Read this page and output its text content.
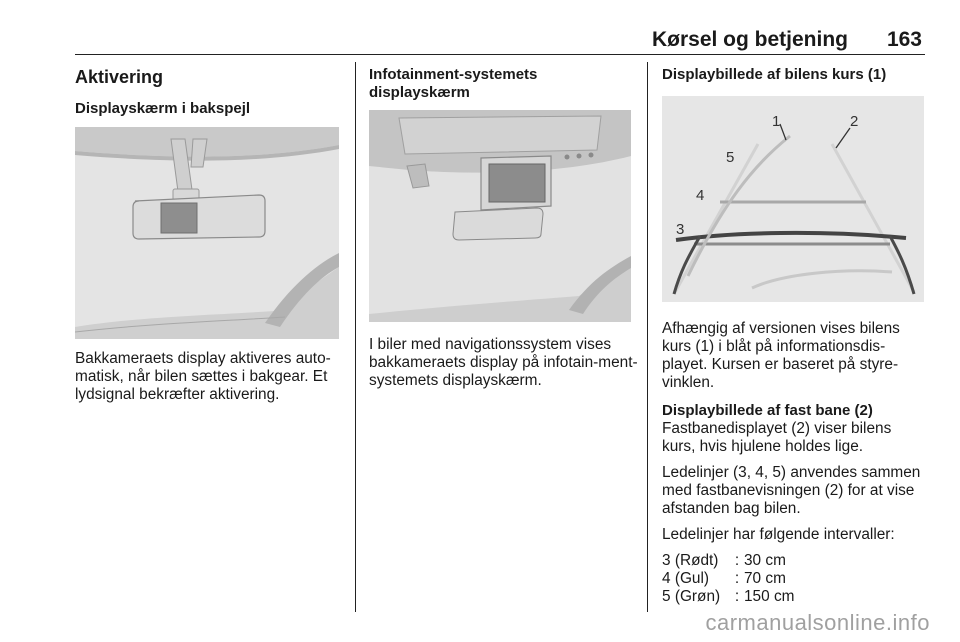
Kørsel og betjening 163
Aktivering

Displayskærm i bakspejl

Bakkameraets display aktiveres auto-matisk, når bilen sættes i bakgear. Et lydsignal bekræfter aktivering.

Infotainment-systemets

displayskærm

I biler med navigationssystem vises bakkameraets display på infotain-ment-systemets displayskærm.

Displaybillede af bilens kurs (1)

1	2
5
4
3

Afhængig af versionen vises bilens kurs (1) i blåt på informationsdis-playet. Kursen er baseret på styre-vinklen.

Displaybillede af fast bane (2)

Fastbanedisplayet (2) viser bilens kurs, hvis hjulene holdes lige.

Ledelinjer (3, 4, 5) anvendes sammen med fastbanevisningen (2) for at vise afstanden bag bilen.

Ledelinjer har følgende intervaller:

3 (Rødt)	:	30 cm
4 (Gul)	:	70 cm
5 (Grøn)	:	150 cm
carmanualsonline.info
